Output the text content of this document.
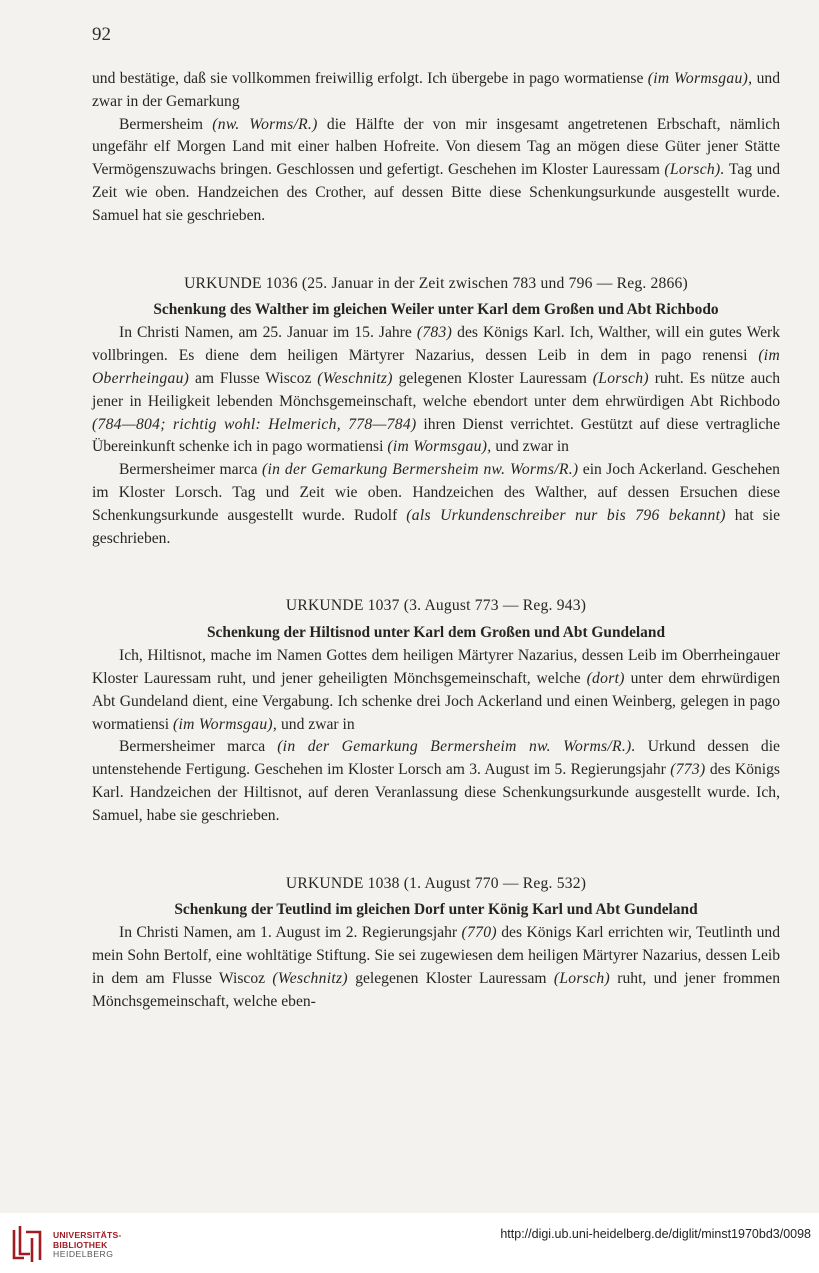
92

und bestätige, daß sie vollkommen freiwillig erfolgt. Ich übergebe in pago wormatiense (im Wormsgau), und zwar in der Gemarkung

Bermersheim (nw. Worms/R.) die Hälfte der von mir insgesamt angetretenen Erbschaft, nämlich ungefähr elf Morgen Land mit einer halben Hofreite. Von diesem Tag an mögen diese Güter jener Stätte Vermögenszuwachs bringen. Geschlossen und gefertigt. Geschehen im Kloster Lauressam (Lorsch). Tag und Zeit wie oben. Handzeichen des Crother, auf dessen Bitte diese Schenkungsurkunde ausgestellt wurde. Samuel hat sie geschrieben.

URKUNDE 1036 (25. Januar in der Zeit zwischen 783 und 796 — Reg. 2866)
Schenkung des Walther im gleichen Weiler unter Karl dem Großen und Abt Richbodo

In Christi Namen, am 25. Januar im 15. Jahre (783) des Königs Karl. Ich, Walther, will ein gutes Werk vollbringen. Es diene dem heiligen Märtyrer Nazarius, dessen Leib in dem in pago renensi (im Oberrheingau) am Flusse Wiscoz (Weschnitz) gelegenen Kloster Lauressam (Lorsch) ruht. Es nütze auch jener in Heiligkeit lebenden Mönchsgemeinschaft, welche ebendort unter dem ehrwürdigen Abt Richbodo (784—804; richtig wohl: Helmerich, 778—784) ihren Dienst verrichtet. Gestützt auf diese vertragliche Übereinkunft schenke ich in pago wormatiensi (im Wormsgau), und zwar in

Bermersheimer marca (in der Gemarkung Bermersheim nw. Worms/R.) ein Joch Ackerland. Geschehen im Kloster Lorsch. Tag und Zeit wie oben. Handzeichen des Walther, auf dessen Ersuchen diese Schenkungsurkunde ausgestellt wurde. Rudolf (als Urkundenschreiber nur bis 796 bekannt) hat sie geschrieben.

URKUNDE 1037 (3. August 773 — Reg. 943)
Schenkung der Hiltisnod unter Karl dem Großen und Abt Gundeland

Ich, Hiltisnot, mache im Namen Gottes dem heiligen Märtyrer Nazarius, dessen Leib im Oberrheingauer Kloster Lauressam ruht, und jener geheiligten Mönchsgemeinschaft, welche (dort) unter dem ehrwürdigen Abt Gundeland dient, eine Vergabung. Ich schenke drei Joch Ackerland und einen Weinberg, gelegen in pago wormatiensi (im Wormsgau), und zwar in

Bermersheimer marca (in der Gemarkung Bermersheim nw. Worms/R.). Urkund dessen die untenstehende Fertigung. Geschehen im Kloster Lorsch am 3. August im 5. Regierungsjahr (773) des Königs Karl. Handzeichen der Hiltisnot, auf deren Veranlassung diese Schenkungsurkunde ausgestellt wurde. Ich, Samuel, habe sie geschrieben.

URKUNDE 1038 (1. August 770 — Reg. 532)
Schenkung der Teutlind im gleichen Dorf unter König Karl und Abt Gundeland

In Christi Namen, am 1. August im 2. Regierungsjahr (770) des Königs Karl errichten wir, Teutlinth und mein Sohn Bertolf, eine wohltätige Stiftung. Sie sei zugewiesen dem heiligen Märtyrer Nazarius, dessen Leib in dem am Flusse Wiscoz (Weschnitz) gelegenen Kloster Lauressam (Lorsch) ruht, und jener frommen Mönchsgemeinschaft, welche eben-

UNIVERSITÄTS-
BIBLIOTHEK
HEIDELBERG
http://digi.ub.uni-heidelberg.de/diglit/minst1970bd3/0098
